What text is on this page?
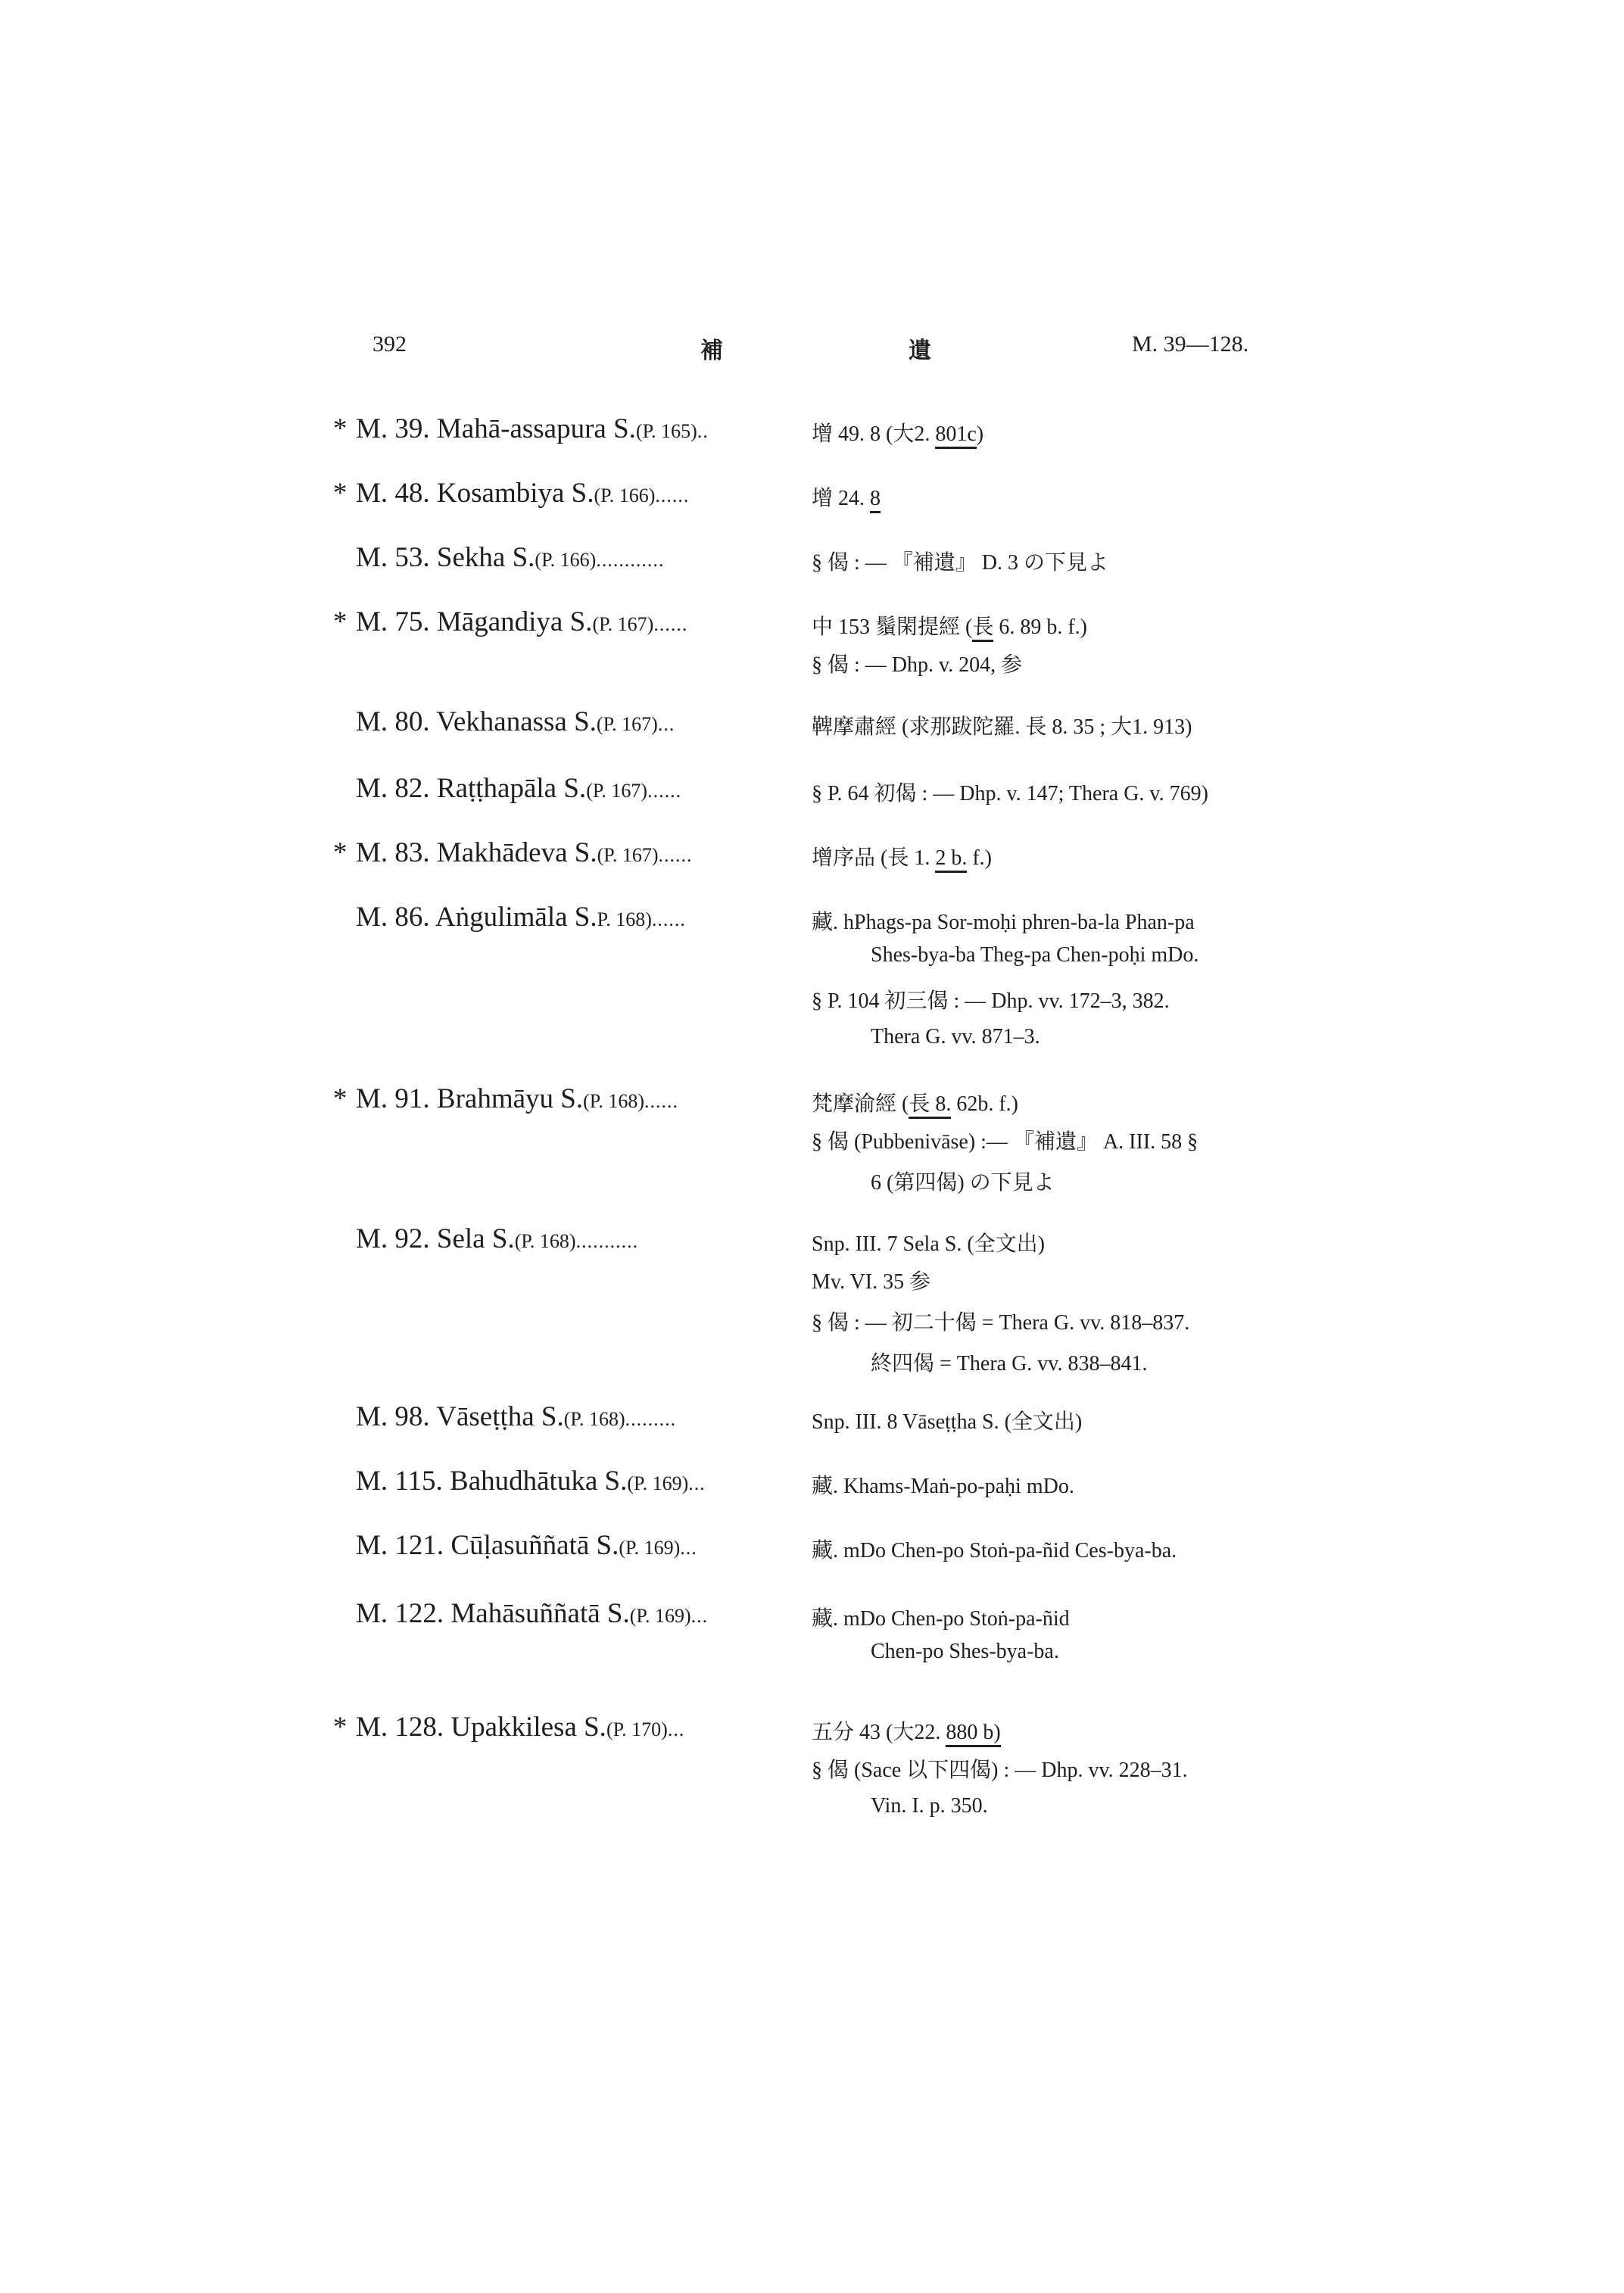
392	補	遺	M. 39—128.
* M. 39. Mahā-assapura S.(P. 165)..	增 49. 8 (大2. 801c)
* M. 48. Kosambiya S.(P. 166)......	增 24. 8
M. 53. Sekha S.(P. 166)............	§ 偈 : — 『補遺』 D. 3 の下見よ
* M. 75. Māgandiya S.(P. 167)......	中 153 鬚閑提經 (長 6. 89 b. f.)
§ 偈 : — Dhp. v. 204, 参
M. 80. Vekhanassa S.(P. 167)...	鞞摩肅經 (求那跋陀羅. 長 8. 35 ; 大1. 913)
M. 82. Raṭṭhapāla S.(P. 167)......	§ P. 64 初偈 : — Dhp. v. 147; Thera G. v. 769)
* M. 83. Makhādeva S.(P. 167)......	增序品 (長 1. 2 b. f.)
M. 86. Aṅgulimāla S.P. 168)......	藏. hPhags-pa Sor-moḥi phren-ba-la Phan-pa
Shes-bya-ba Theg-pa Chen-poḥi mDo.
§ P. 104 初三偈 : — Dhp. vv. 172–3, 382.
Thera G. vv. 871–3.
* M. 91. Brahmāyu S.(P. 168)......	梵摩渝經 (長 8. 62b. f.)
§ 偈 (Pubbenivāse) :— 『補遺』 A. III. 58 §
6 (第四偈) の下見よ
M. 92. Sela S.(P. 168)...........	Snp. III. 7 Sela S. (全文出)
Mv. VI. 35 参
§ 偈 : — 初二十偈 = Thera G. vv. 818–837.
終四偈 = Thera G. vv. 838–841.
M. 98. Vāseṭṭha S.(P. 168).........	Snp. III. 8 Vāseṭṭha S. (全文出)
M. 115. Bahudhātuka S.(P. 169)...	藏. Khams-Maṅ-po-paḥi mDo.
M. 121. Cūḷasuññatā S.(P. 169)...	藏. mDo Chen-po Stoṅ-pa-ñid Ces-bya-ba.
M. 122. Mahāsuññatā S.(P. 169)...	藏. mDo Chen-po Stoṅ-pa-ñid
Chen-po Shes-bya-ba.
* M. 128. Upakkilesa S.(P. 170)...	五分 43 (大22. 880 b)
§ 偈 (Sace 以下四偈) : — Dhp. vv. 228–31.
Vin. I. p. 350.
